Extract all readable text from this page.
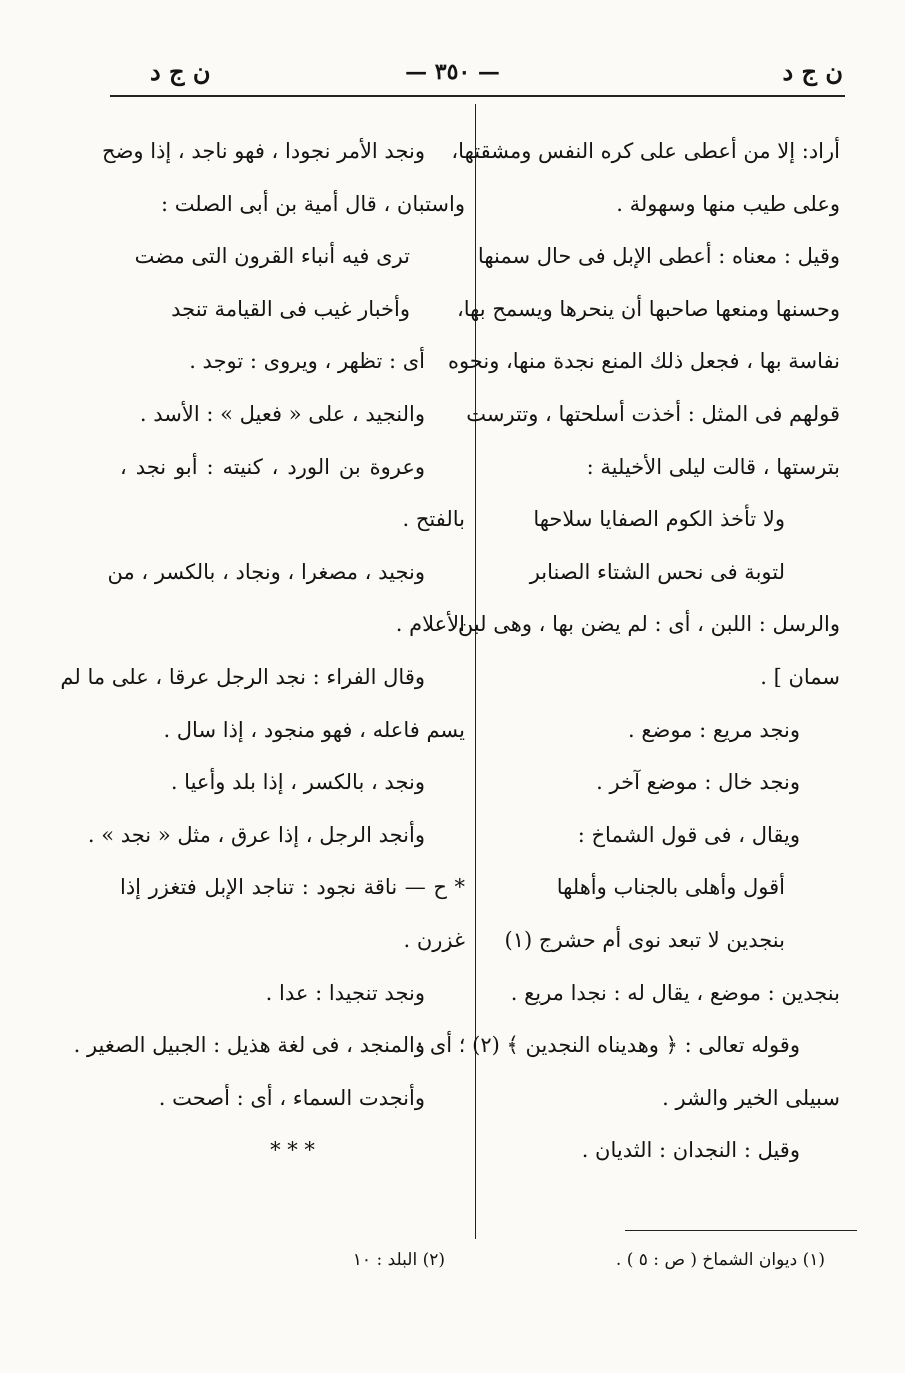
ن ج د
— ٣٥٠ —
ن ج د
أراد: إلا من أعطى على كره النفس ومشقتها،
وعلى طيب منها وسهولة .
وقيل : معناه : أعطى الإبل فى حال سمنها
وحسنها ومنعها صاحبها أن ينحرها ويسمح بها،
نفاسة بها ، فجعل ذلك المنع نجدة منها، ونحوه
قولهم فى المثل : أخذت أسلحتها ، وتترست
بترستها ، قالت ليلى الأخيلية :
ولا تأخذ الكوم الصفايا سلاحها
لتوبة فى نحس الشتاء الصنابر
والرسل : اللبن ، أى : لم يضن بها ، وهى لبن
سمان ] .
ونجد مريع : موضع .
ونجد خال : موضع آخر .
ويقال ، فى قول الشماخ :
أقول وأهلى بالجناب وأهلها
بنجدين لا تبعد نوى أم حشرج (١)
بنجدين : موضع ، يقال له : نجدا مريع .
وقوله تعالى : ﴿ وهديناه النجدين ﴾ (٢) ؛ أى :
سبيلى الخير والشر .
وقيل : النجدان : الثديان .
ونجد الأمر نجودا ، فهو ناجد ، إذا وضح
واستبان ، قال أمية بن أبى الصلت :
ترى فيه أنباء القرون التى مضت
وأخبار غيب فى القيامة تنجد
أى : تظهر ، ويروى : توجد .
والنجيد ، على « فعيل » : الأسد .
وعروة بن الورد ، كنيته : أبو نجد ،
بالفتح .
ونجيد ، مصغرا ، ونجاد ، بالكسر ، من
الأعلام .
وقال الفراء : نجد الرجل عرقا ، على ما لم
يسم فاعله ، فهو منجود ، إذا سال .
ونجد ، بالكسر ، إذا بلد وأعيا .
وأنجد الرجل ، إذا عرق ، مثل « نجد » .
* ح — ناقة نجود : تناجد الإبل فتغزر إذا
غزرن .
ونجد تنجيدا : عدا .
والمنجد ، فى لغة هذيل : الجبيل الصغير .
وأنجدت السماء ، أى : أصحت .
* * *
(١) ديوان الشماخ ( ص : ٥ ) .
(٢) البلد : ١٠
